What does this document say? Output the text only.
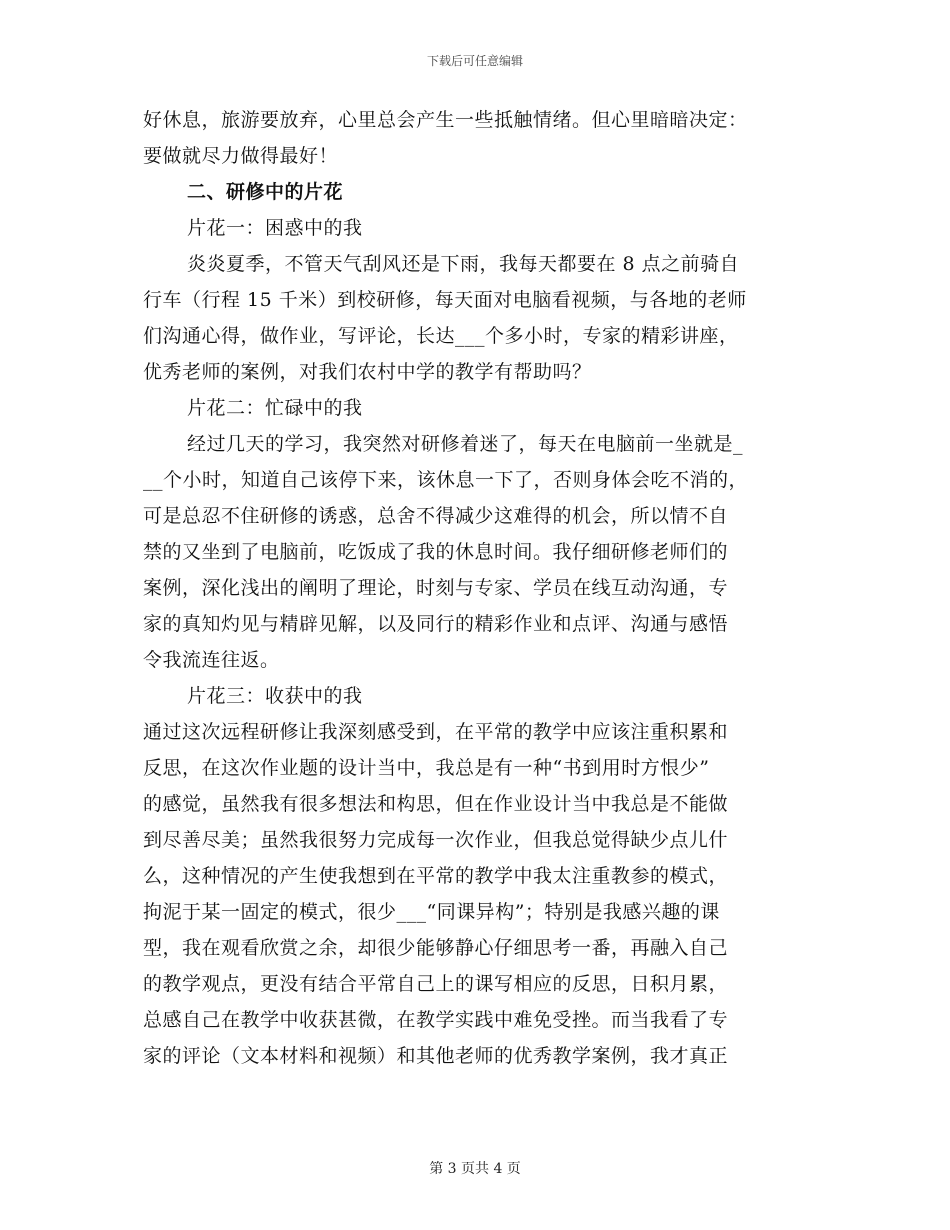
下载后可任意编辑
好休息，旅游要放弃，心里总会产生一些抵触情绪。但心里暗暗决定：
要做就尽力做得最好！
二、研修中的片花
片花一：困惑中的我
炎炎夏季，不管天气刮风还是下雨，我每天都要在 8 点之前骑自
行车（行程 15 千米）到校研修，每天面对电脑看视频，与各地的老师
们沟通心得，做作业，写评论，长达___个多小时，专家的精彩讲座，
优秀老师的案例，对我们农村中学的教学有帮助吗？
片花二：忙碌中的我
经过几天的学习，我突然对研修着迷了，每天在电脑前一坐就是_
__个小时，知道自己该停下来，该休息一下了，否则身体会吃不消的，
可是总忍不住研修的诱惑，总舍不得减少这难得的机会，所以情不自
禁的又坐到了电脑前，吃饭成了我的休息时间。我仔细研修老师们的
案例，深化浅出的阐明了理论，时刻与专家、学员在线互动沟通，专
家的真知灼见与精辟见解，以及同行的精彩作业和点评、沟通与感悟
令我流连往返。
片花三：收获中的我
通过这次远程研修让我深刻感受到，在平常的教学中应该注重积累和
反思，在这次作业题的设计当中，我总是有一种“书到用时方恨少”
的感觉，虽然我有很多想法和构思，但在作业设计当中我总是不能做
到尽善尽美；虽然我很努力完成每一次作业，但我总觉得缺少点儿什
么，这种情况的产生使我想到在平常的教学中我太注重教参的模式，
拘泥于某一固定的模式，很少___“同课异构”；特别是我感兴趣的课
型，我在观看欣赏之余，却很少能够静心仔细思考一番，再融入自己
的教学观点，更没有结合平常自己上的课写相应的反思，日积月累，
总感自己在教学中收获甚微，在教学实践中难免受挫。而当我看了专
家的评论（文本材料和视频）和其他老师的优秀教学案例，我才真正
第 3 页共 4 页
